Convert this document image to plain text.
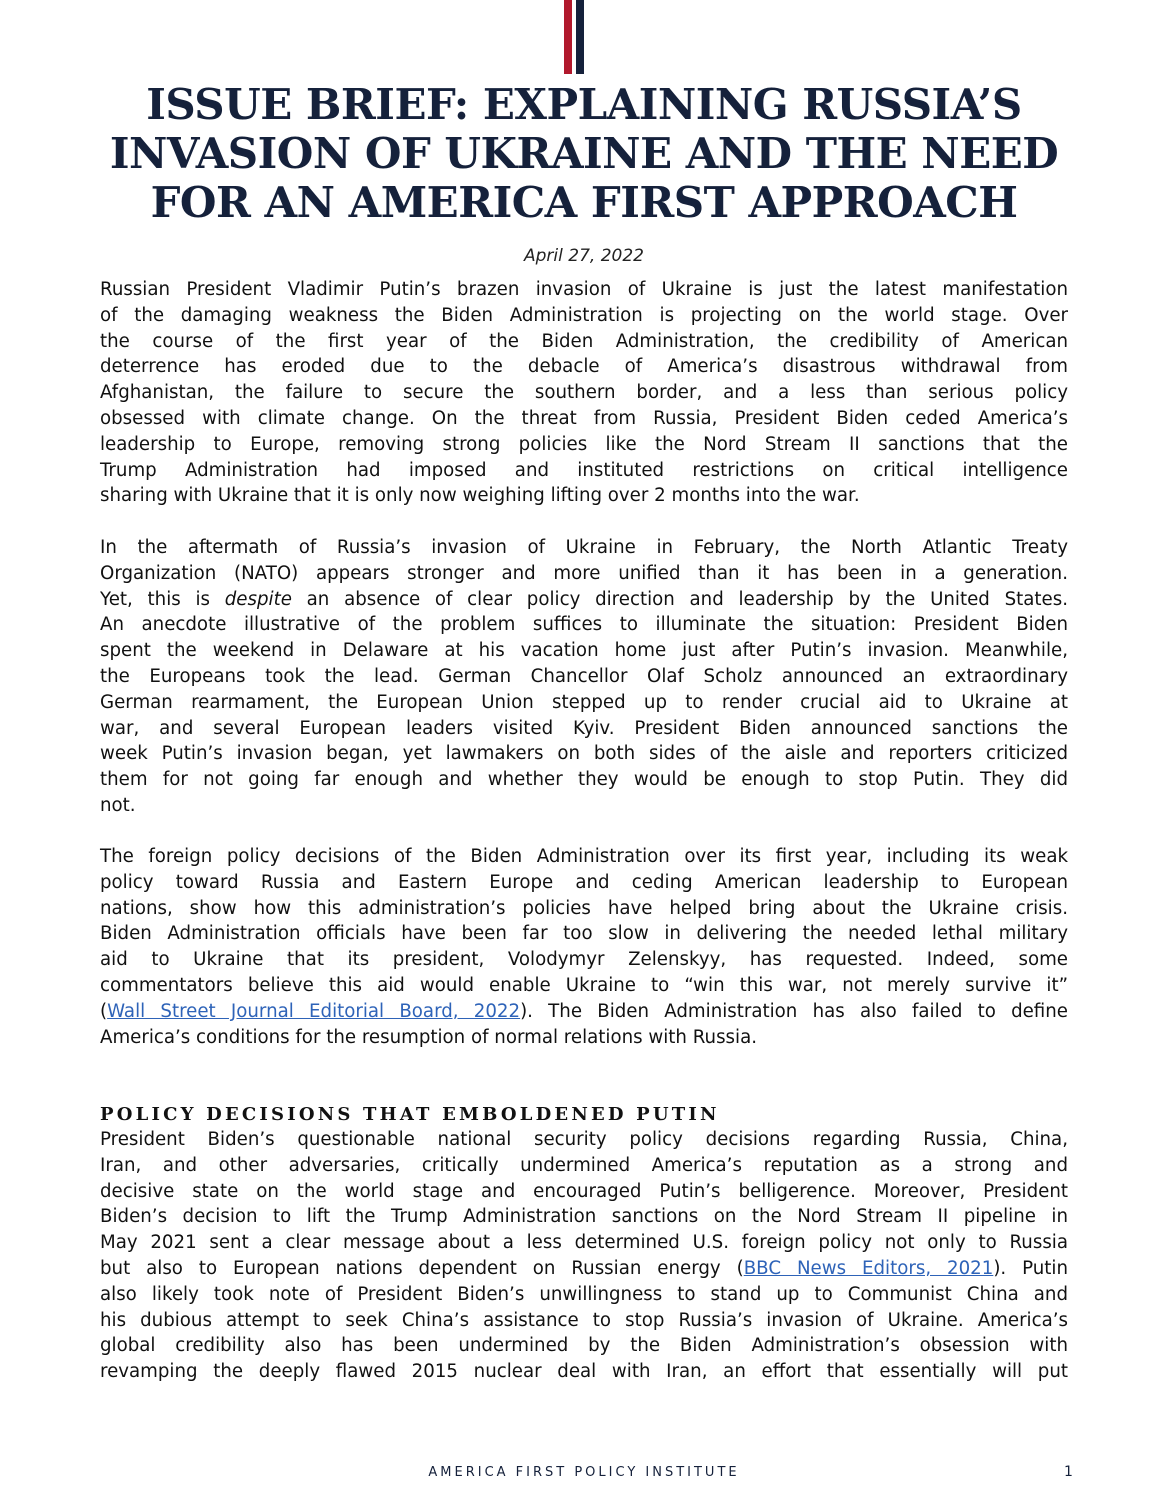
ISSUE BRIEF: EXPLAINING RUSSIA’S
INVASION OF UKRAINE AND THE NEED
FOR AN AMERICA FIRST APPROACH
April 27, 2022
Russian President Vladimir Putin’s brazen invasion of Ukraine is just the latest manifestation
of the damaging weakness the Biden Administration is projecting on the world stage. Over
the course of the first year of the Biden Administration, the credibility of American
deterrence has eroded due to the debacle of America’s disastrous withdrawal from
Afghanistan, the failure to secure the southern border, and a less than serious policy
obsessed with climate change. On the threat from Russia, President Biden ceded America’s
leadership to Europe, removing strong policies like the Nord Stream II sanctions that the
Trump Administration had imposed and instituted restrictions on critical intelligence
sharing with Ukraine that it is only now weighing lifting over 2 months into the war.
In the aftermath of Russia’s invasion of Ukraine in February, the North Atlantic Treaty
Organization (NATO) appears stronger and more unified than it has been in a generation.
Yet, this is despite an absence of clear policy direction and leadership by the United States.
An anecdote illustrative of the problem suffices to illuminate the situation: President Biden
spent the weekend in Delaware at his vacation home just after Putin’s invasion. Meanwhile,
the Europeans took the lead. German Chancellor Olaf Scholz announced an extraordinary
German rearmament, the European Union stepped up to render crucial aid to Ukraine at
war, and several European leaders visited Kyiv. President Biden announced sanctions the
week Putin’s invasion began, yet lawmakers on both sides of the aisle and reporters criticized
them for not going far enough and whether they would be enough to stop Putin. They did
not.
The foreign policy decisions of the Biden Administration over its first year, including its weak
policy toward Russia and Eastern Europe and ceding American leadership to European
nations, show how this administration’s policies have helped bring about the Ukraine crisis.
Biden Administration officials have been far too slow in delivering the needed lethal military
aid to Ukraine that its president, Volodymyr Zelenskyy, has requested. Indeed, some
commentators believe this aid would enable Ukraine to “win this war, not merely survive it”
(Wall Street Journal Editorial Board, 2022). The Biden Administration has also failed to define
America’s conditions for the resumption of normal relations with Russia.
POLICY DECISIONS THAT EMBOLDENED PUTIN
President Biden’s questionable national security policy decisions regarding Russia, China,
Iran, and other adversaries, critically undermined America’s reputation as a strong and
decisive state on the world stage and encouraged Putin’s belligerence. Moreover, President
Biden’s decision to lift the Trump Administration sanctions on the Nord Stream II pipeline in
May 2021 sent a clear message about a less determined U.S. foreign policy not only to Russia
but also to European nations dependent on Russian energy (BBC News Editors, 2021). Putin
also likely took note of President Biden’s unwillingness to stand up to Communist China and
his dubious attempt to seek China’s assistance to stop Russia’s invasion of Ukraine. America’s
global credibility also has been undermined by the Biden Administration’s obsession with
revamping the deeply flawed 2015 nuclear deal with Iran, an effort that essentially will put
AMERICA FIRST POLICY INSTITUTE	1
